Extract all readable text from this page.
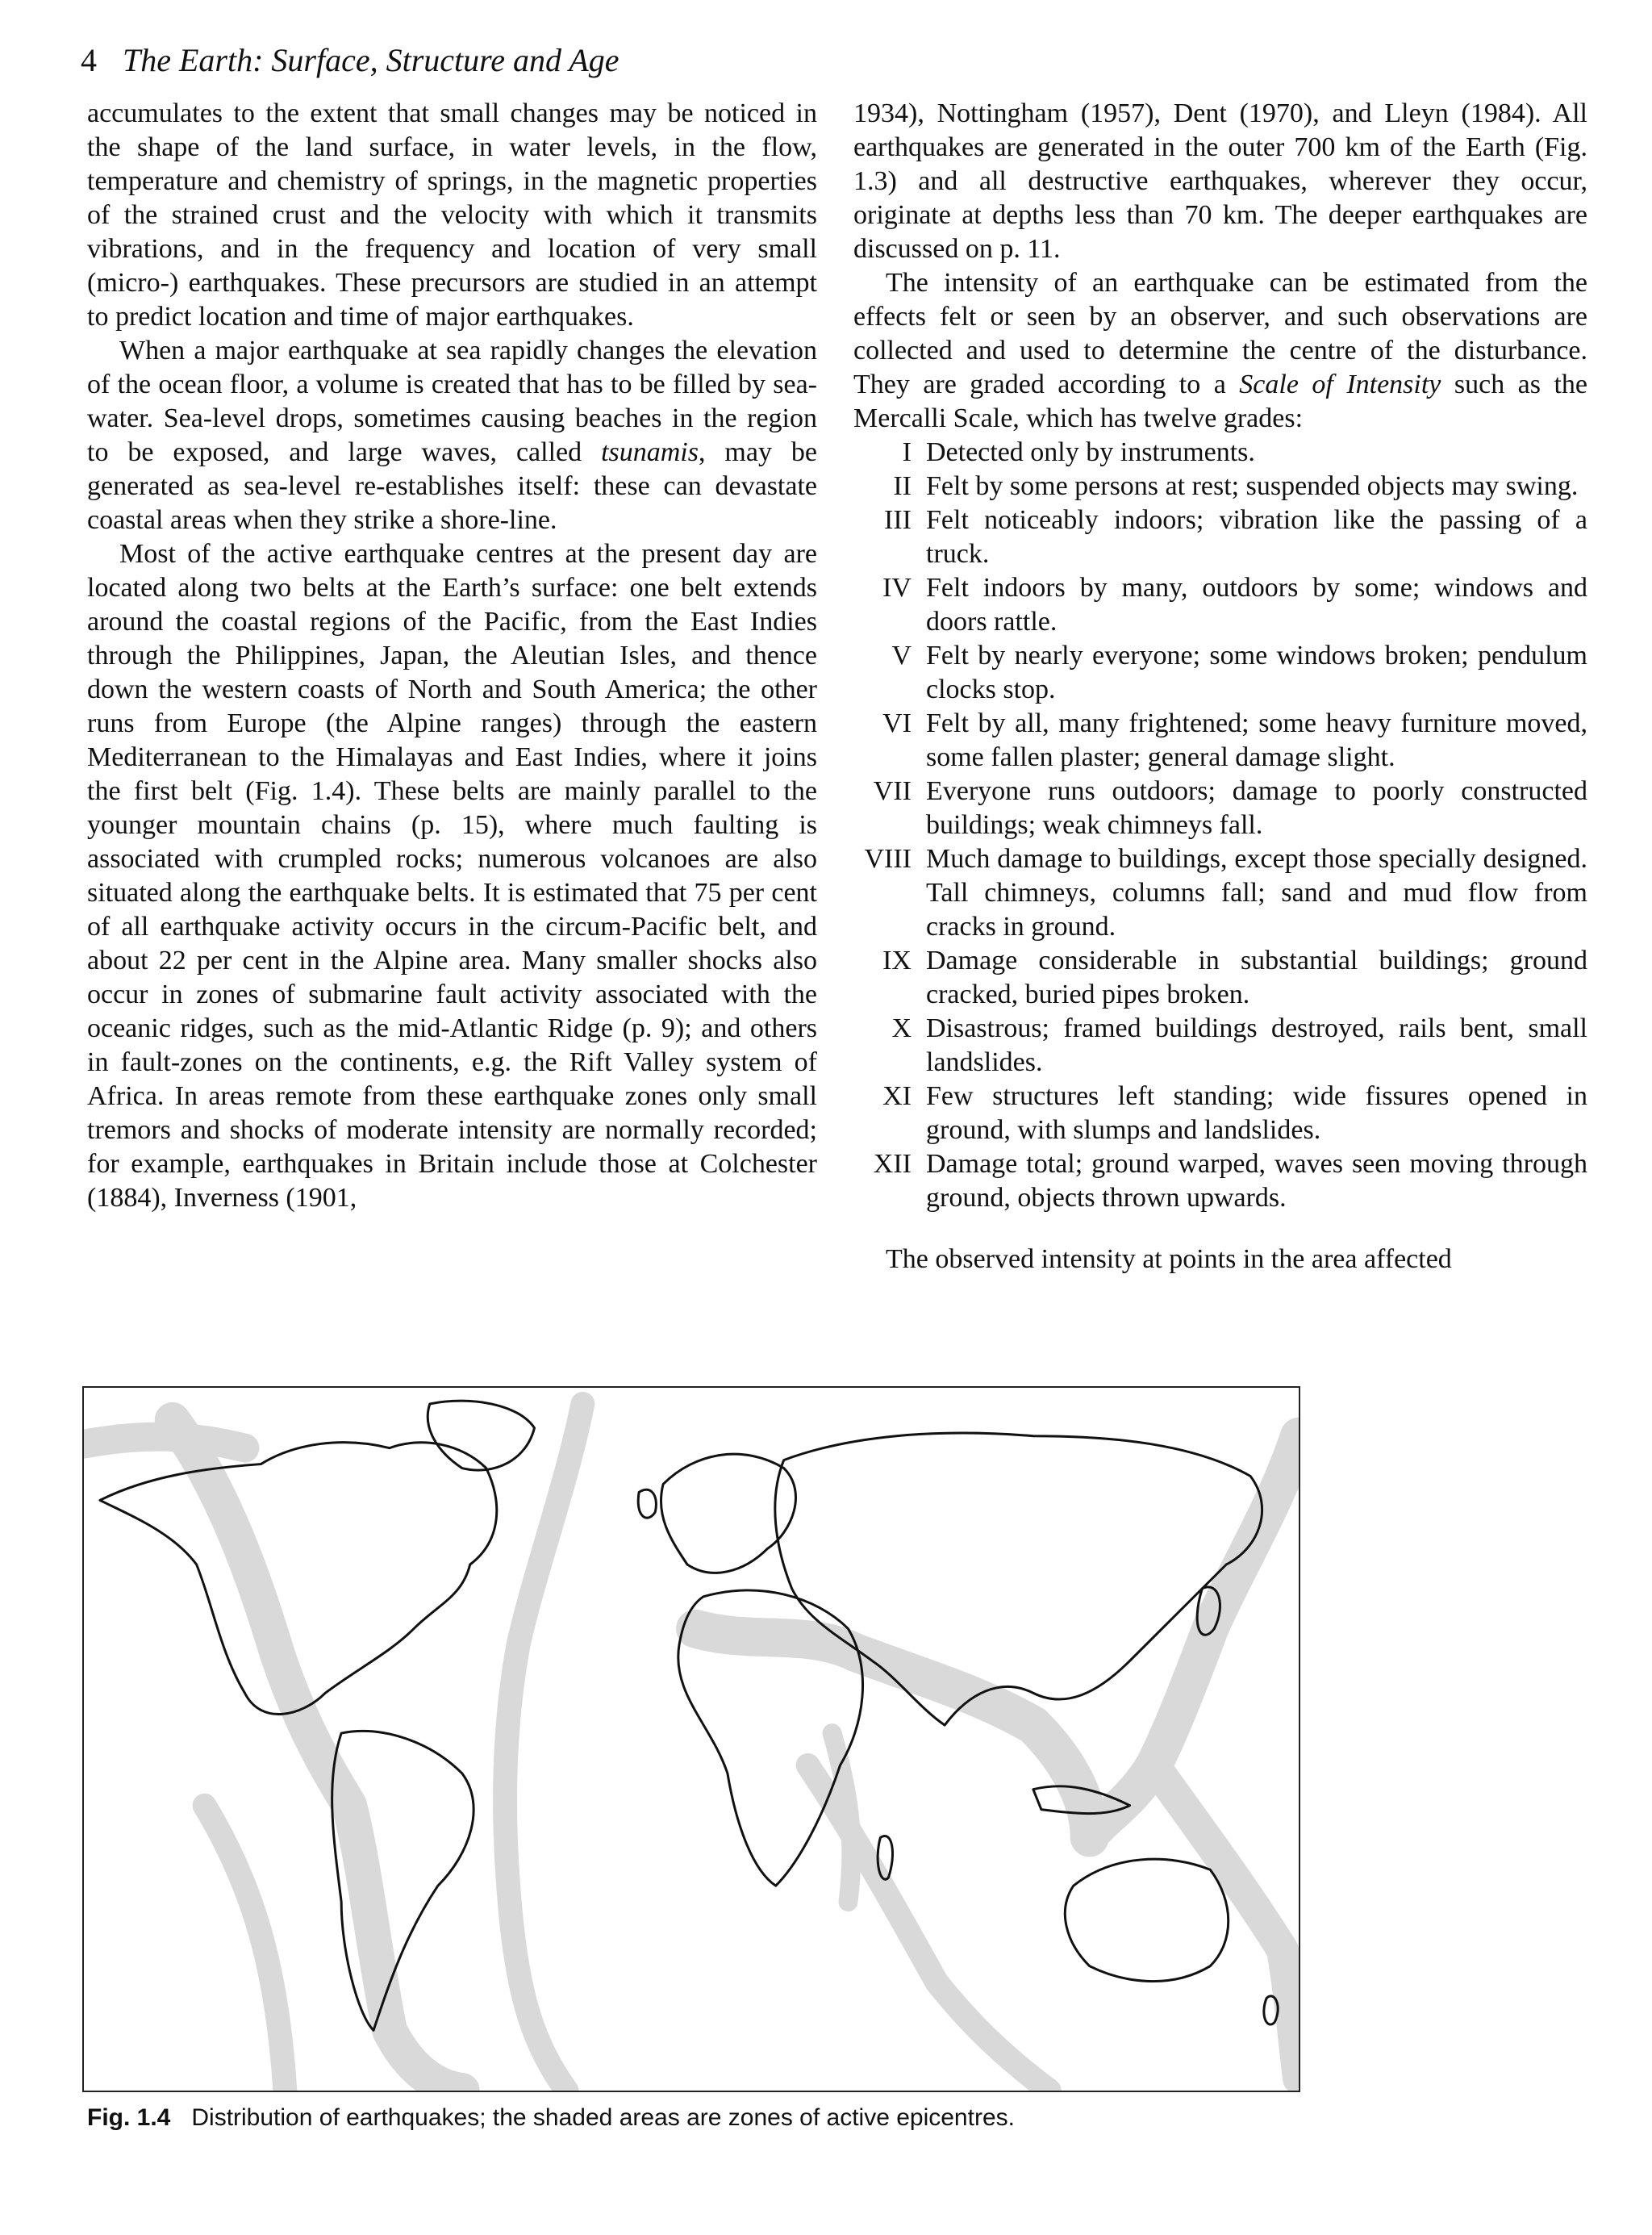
4 The Earth: Surface, Structure and Age

accumulates to the extent that small changes may be noticed in the shape of the land surface, in water levels, in the flow, temperature and chemistry of springs, in the magnetic properties of the strained crust and the velocity with which it transmits vibrations, and in the frequency and location of very small (micro-) earthquakes. These precursors are studied in an attempt to predict location and time of major earthquakes.

When a major earthquake at sea rapidly changes the elevation of the ocean floor, a volume is created that has to be filled by sea-water. Sea-level drops, sometimes causing beaches in the region to be exposed, and large waves, called tsunamis, may be generated as sea-level re-establishes itself: these can devastate coastal areas when they strike a shore-line.

Most of the active earthquake centres at the present day are located along two belts at the Earth’s surface: one belt extends around the coastal regions of the Pacific, from the East Indies through the Philippines, Japan, the Aleutian Isles, and thence down the western coasts of North and South America; the other runs from Europe (the Alpine ranges) through the eastern Mediterranean to the Himalayas and East Indies, where it joins the first belt (Fig. 1.4). These belts are mainly parallel to the younger mountain chains (p. 15), where much faulting is associated with crumpled rocks; numerous volcanoes are also situated along the earthquake belts. It is estimated that 75 per cent of all earthquake activity occurs in the circum-Pacific belt, and about 22 per cent in the Alpine area. Many smaller shocks also occur in zones of submarine fault activity associated with the oceanic ridges, such as the mid-Atlantic Ridge (p. 9); and others in fault-zones on the continents, e.g. the Rift Valley system of Africa. In areas remote from these earthquake zones only small tremors and shocks of moderate intensity are normally recorded; for example, earthquakes in Britain include those at Colchester (1884), Inverness (1901,

1934), Nottingham (1957), Dent (1970), and Lleyn (1984). All earthquakes are generated in the outer 700 km of the Earth (Fig. 1.3) and all destructive earthquakes, wherever they occur, originate at depths less than 70 km. The deeper earthquakes are discussed on p. 11.

The intensity of an earthquake can be estimated from the effects felt or seen by an observer, and such observations are collected and used to determine the centre of the disturbance. They are graded according to a Scale of Intensity such as the Mercalli Scale, which has twelve grades:

I Detected only by instruments.
II Felt by some persons at rest; suspended objects may swing.
III Felt noticeably indoors; vibration like the passing of a truck.
IV Felt indoors by many, outdoors by some; windows and doors rattle.
V Felt by nearly everyone; some windows broken; pendulum clocks stop.
VI Felt by all, many frightened; some heavy furniture moved, some fallen plaster; general damage slight.
VII Everyone runs outdoors; damage to poorly constructed buildings; weak chimneys fall.
VIII Much damage to buildings, except those specially designed. Tall chimneys, columns fall; sand and mud flow from cracks in ground.
IX Damage considerable in substantial buildings; ground cracked, buried pipes broken.
X Disastrous; framed buildings destroyed, rails bent, small landslides.
XI Few structures left standing; wide fissures opened in ground, with slumps and landslides.
XII Damage total; ground warped, waves seen moving through ground, objects thrown upwards.

The observed intensity at points in the area affected

Fig. 1.4 Distribution of earthquakes; the shaded areas are zones of active epicentres.
